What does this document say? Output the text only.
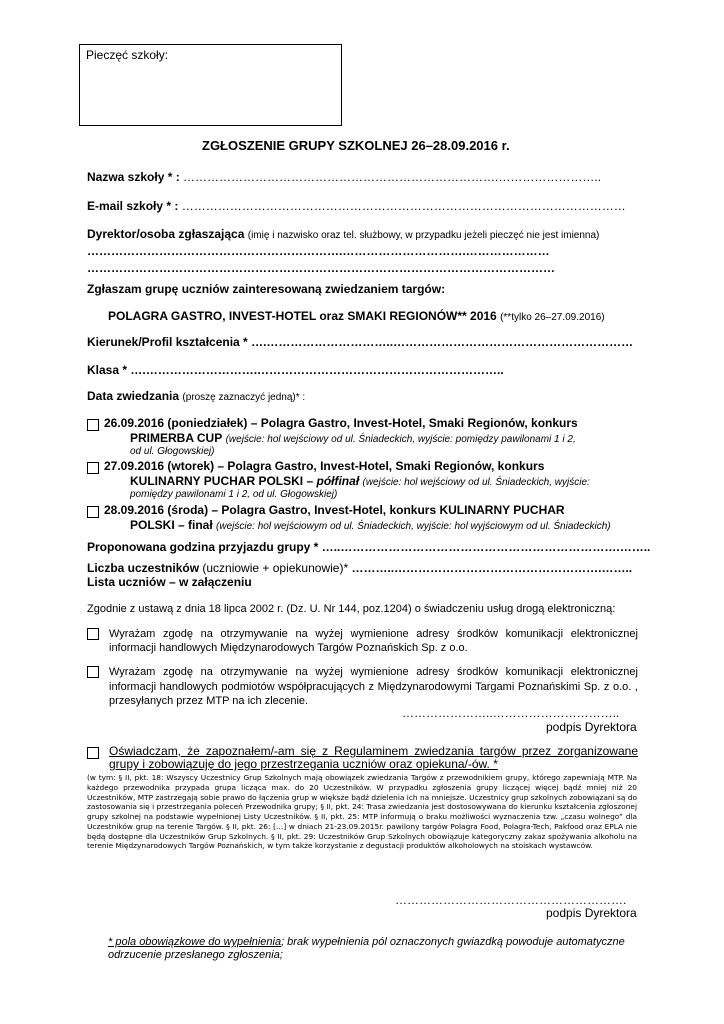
Pieczęć szkoły:
ZGŁOSZENIE GRUPY SZKOLNEJ 26–28.09.2016 r.
Nazwa szkoły * : …………………………………………………………………….……………………..
E-mail szkoły * : …………………………………………………………………………………………………
Dyrektor/osoba zgłaszająca (imię i nazwisko oraz tel. służbowy, w przypadku jeżeli pieczęć nie jest imienna)
……………………………………………………….………………………….…………………
………………………………………………………………………………………………………
Zgłaszam grupę uczniów zainteresowaną zwiedzaniem targów:
POLAGRA GASTRO, INVEST-HOTEL oraz SMAKI REGIONÓW** 2016 (**tylko 26–27.09.2016)
Kierunek/Profil kształcenia * ….…………………………..……………………………………………………
Klasa * ….……………………….……………………………………………………..
Data zwiedzania (proszę zaznaczyć jedną)* :
26.09.2016 (poniedziałek) – Polagra Gastro, Invest-Hotel, Smaki Regionów, konkurs
PRIMERBA CUP (wejście: hol wejściowy od ul. Śniadeckich, wyjście: pomiędzy pawilonami 1 i 2,
od ul. Głogowskiej)
27.09.2016 (wtorek) – Polagra Gastro, Invest-Hotel, Smaki Regionów, konkurs
KULINARNY PUCHAR POLSKI – półfinał (wejście: hol wejściowy od ul. Śniadeckich, wyjście:
pomiędzy pawilonami 1 i 2, od ul. Głogowskiej)
28.09.2016 (środa) – Polagra Gastro, Invest-Hotel, konkurs KULINARNY PUCHAR
POLSKI – finał (wejście: hol wejściowym od ul. Śniadeckich, wyjście: hol wyjściowym od ul. Śniadeckich)
Proponowana godzina przyjazdu grupy * …..…………………………………………………………….……..
Liczba uczestników (uczniowie + opiekunowie)* ………..…………………………………………….……..
Lista uczniów – w załączeniu
Zgodnie z ustawą z dnia 18 lipca 2002 r. (Dz. U. Nr 144, poz.1204) o świadczeniu usług drogą elektroniczną:
Wyrażam zgodę na otrzymywanie na wyżej wymienione adresy środków komunikacji elektronicznej informacji handlowych Międzynarodowych Targów Poznańskich Sp. z o.o.
Wyrażam zgodę na otrzymywanie na wyżej wymienione adresy środków komunikacji elektronicznej informacji handlowych podmiotów współpracujących z Międzynarodowymi Targami Poznańskimi Sp. z o.o. , przesyłanych przez MTP na ich zlecenie.
…………………..…………………………..
podpis Dyrektora
Oświadczam, że zapoznałem/-am się z Regulaminem zwiedzania targów przez zorganizowane grupy i zobowiązuję do jego przestrzegania uczniów oraz opiekuna/-ów. *
(w tym: § II, pkt. 18: Wszyscy Uczestnicy Grup Szkolnych mają obowiązek zwiedzania Targów z przewodnikiem grupy, którego zapewniają MTP. Na każdego przewodnika przypada grupa licząca max. do 20 Uczestników. W przypadku zgłoszenia grupy liczącej więcej bądź mniej niż 20 Uczestników, MTP zastrzegają sobie prawo do łączenia grup w większe bądź dzielenia ich na mniejsze. Uczestnicy grup szkolnych zobowiązani są do zastosowania się i przestrzegania poleceń Przewodnika grupy; § II, pkt. 24: Trasa zwiedzania jest dostosowywana do kierunku kształcenia zgłoszonej grupy szkolnej na podstawie wypełnionej Listy Uczestników. § II, pkt. 25: MTP informują o braku możliwości wyznaczenia tzw. „czasu wolnego” dla Uczestników grup na terenie Targów. § II, pkt. 26: […] w dniach 21-23.09.2015r. pawilony targów Polagra Food, Polagra-Tech, Pakfood oraz EPLA nie będą dostępne dla Uczestników Grup Szkolnych. § II, pkt. 29: Uczestników Grup Szkolnych obowiązuje kategoryczny zakaz spożywania alkoholu na terenie Międzynarodowych Targów Poznańskich, w tym także korzystanie z degustacji produktów alkoholowych na stoiskach wystawców.
………………………………………………….
podpis Dyrektora
* pola obowiązkowe do wypełnienia; brak wypełnienia pól oznaczonych gwiazdką powoduje automatyczne
odrzucenie przesłanego zgłoszenia;
